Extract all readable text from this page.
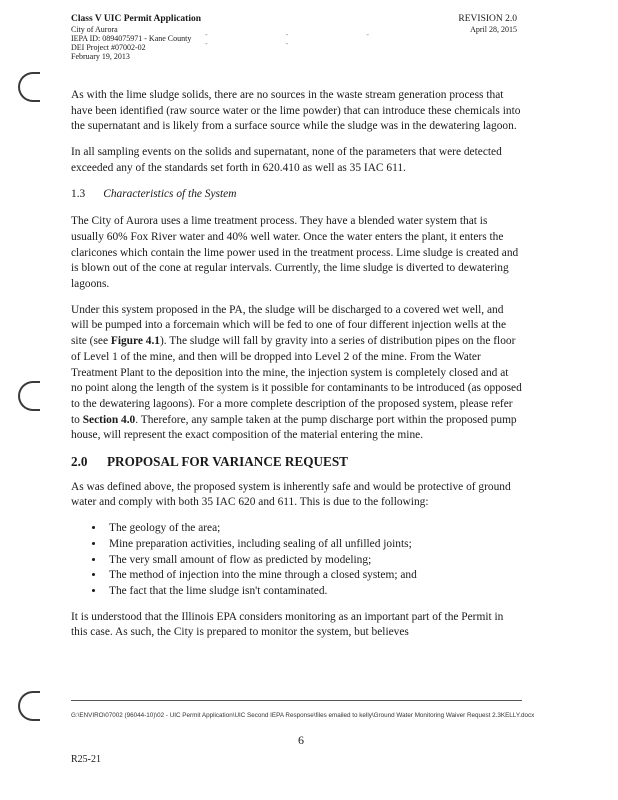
Class V UIC Permit Application
City of Aurora
IEPA ID: 0894075971 - Kane County
DEI Project #07002-02
February 19, 2013
- - - - -
REVISION 2.0
April 28, 2015

As with the lime sludge solids, there are no sources in the waste stream generation process that have been identified (raw source water or the lime powder) that can introduce these chemicals into the supernatant and is likely from a surface source while the sludge was in the dewatering lagoon.

In all sampling events on the solids and supernatant, none of the parameters that were detected exceeded any of the standards set forth in 620.410 as well as 35 IAC 611.

1.3 Characteristics of the System

The City of Aurora uses a lime treatment process. They have a blended water system that is usually 60% Fox River water and 40% well water. Once the water enters the plant, it enters the claricones which contain the lime power used in the treatment process. Lime sludge is created and is blown out of the cone at regular intervals. Currently, the lime sludge is diverted to dewatering lagoons.

Under this system proposed in the PA, the sludge will be discharged to a covered wet well, and will be pumped into a forcemain which will be fed to one of four different injection wells at the site (see Figure 4.1). The sludge will fall by gravity into a series of distribution pipes on the floor of Level 1 of the mine, and then will be dropped into Level 2 of the mine. From the Water Treatment Plant to the deposition into the mine, the injection system is completely closed and at no point along the length of the system is it possible for contaminants to be introduced (as opposed to the dewatering lagoons). For a more complete description of the proposed system, please refer to Section 4.0. Therefore, any sample taken at the pump discharge port within the proposed pump house, will represent the exact composition of the material entering the mine.

2.0 PROPOSAL FOR VARIANCE REQUEST

As was defined above, the proposed system is inherently safe and would be protective of ground water and comply with both 35 IAC 620 and 611. This is due to the following:

• The geology of the area;
• Mine preparation activities, including sealing of all unfilled joints;
• The very small amount of flow as predicted by modeling;
• The method of injection into the mine through a closed system; and
• The fact that the lime sludge isn't contaminated.

It is understood that the Illinois EPA considers monitoring as an important part of the Permit in this case. As such, the City is prepared to monitor the system, but believes

G:\ENVIRO\07002 (96044-10)\02 - UIC Permit Application\UIC Second IEPA Response\files emailed to kelly\Ground Water Monitoring Waiver Request 2.3KELLY.docx
6
R25-21
